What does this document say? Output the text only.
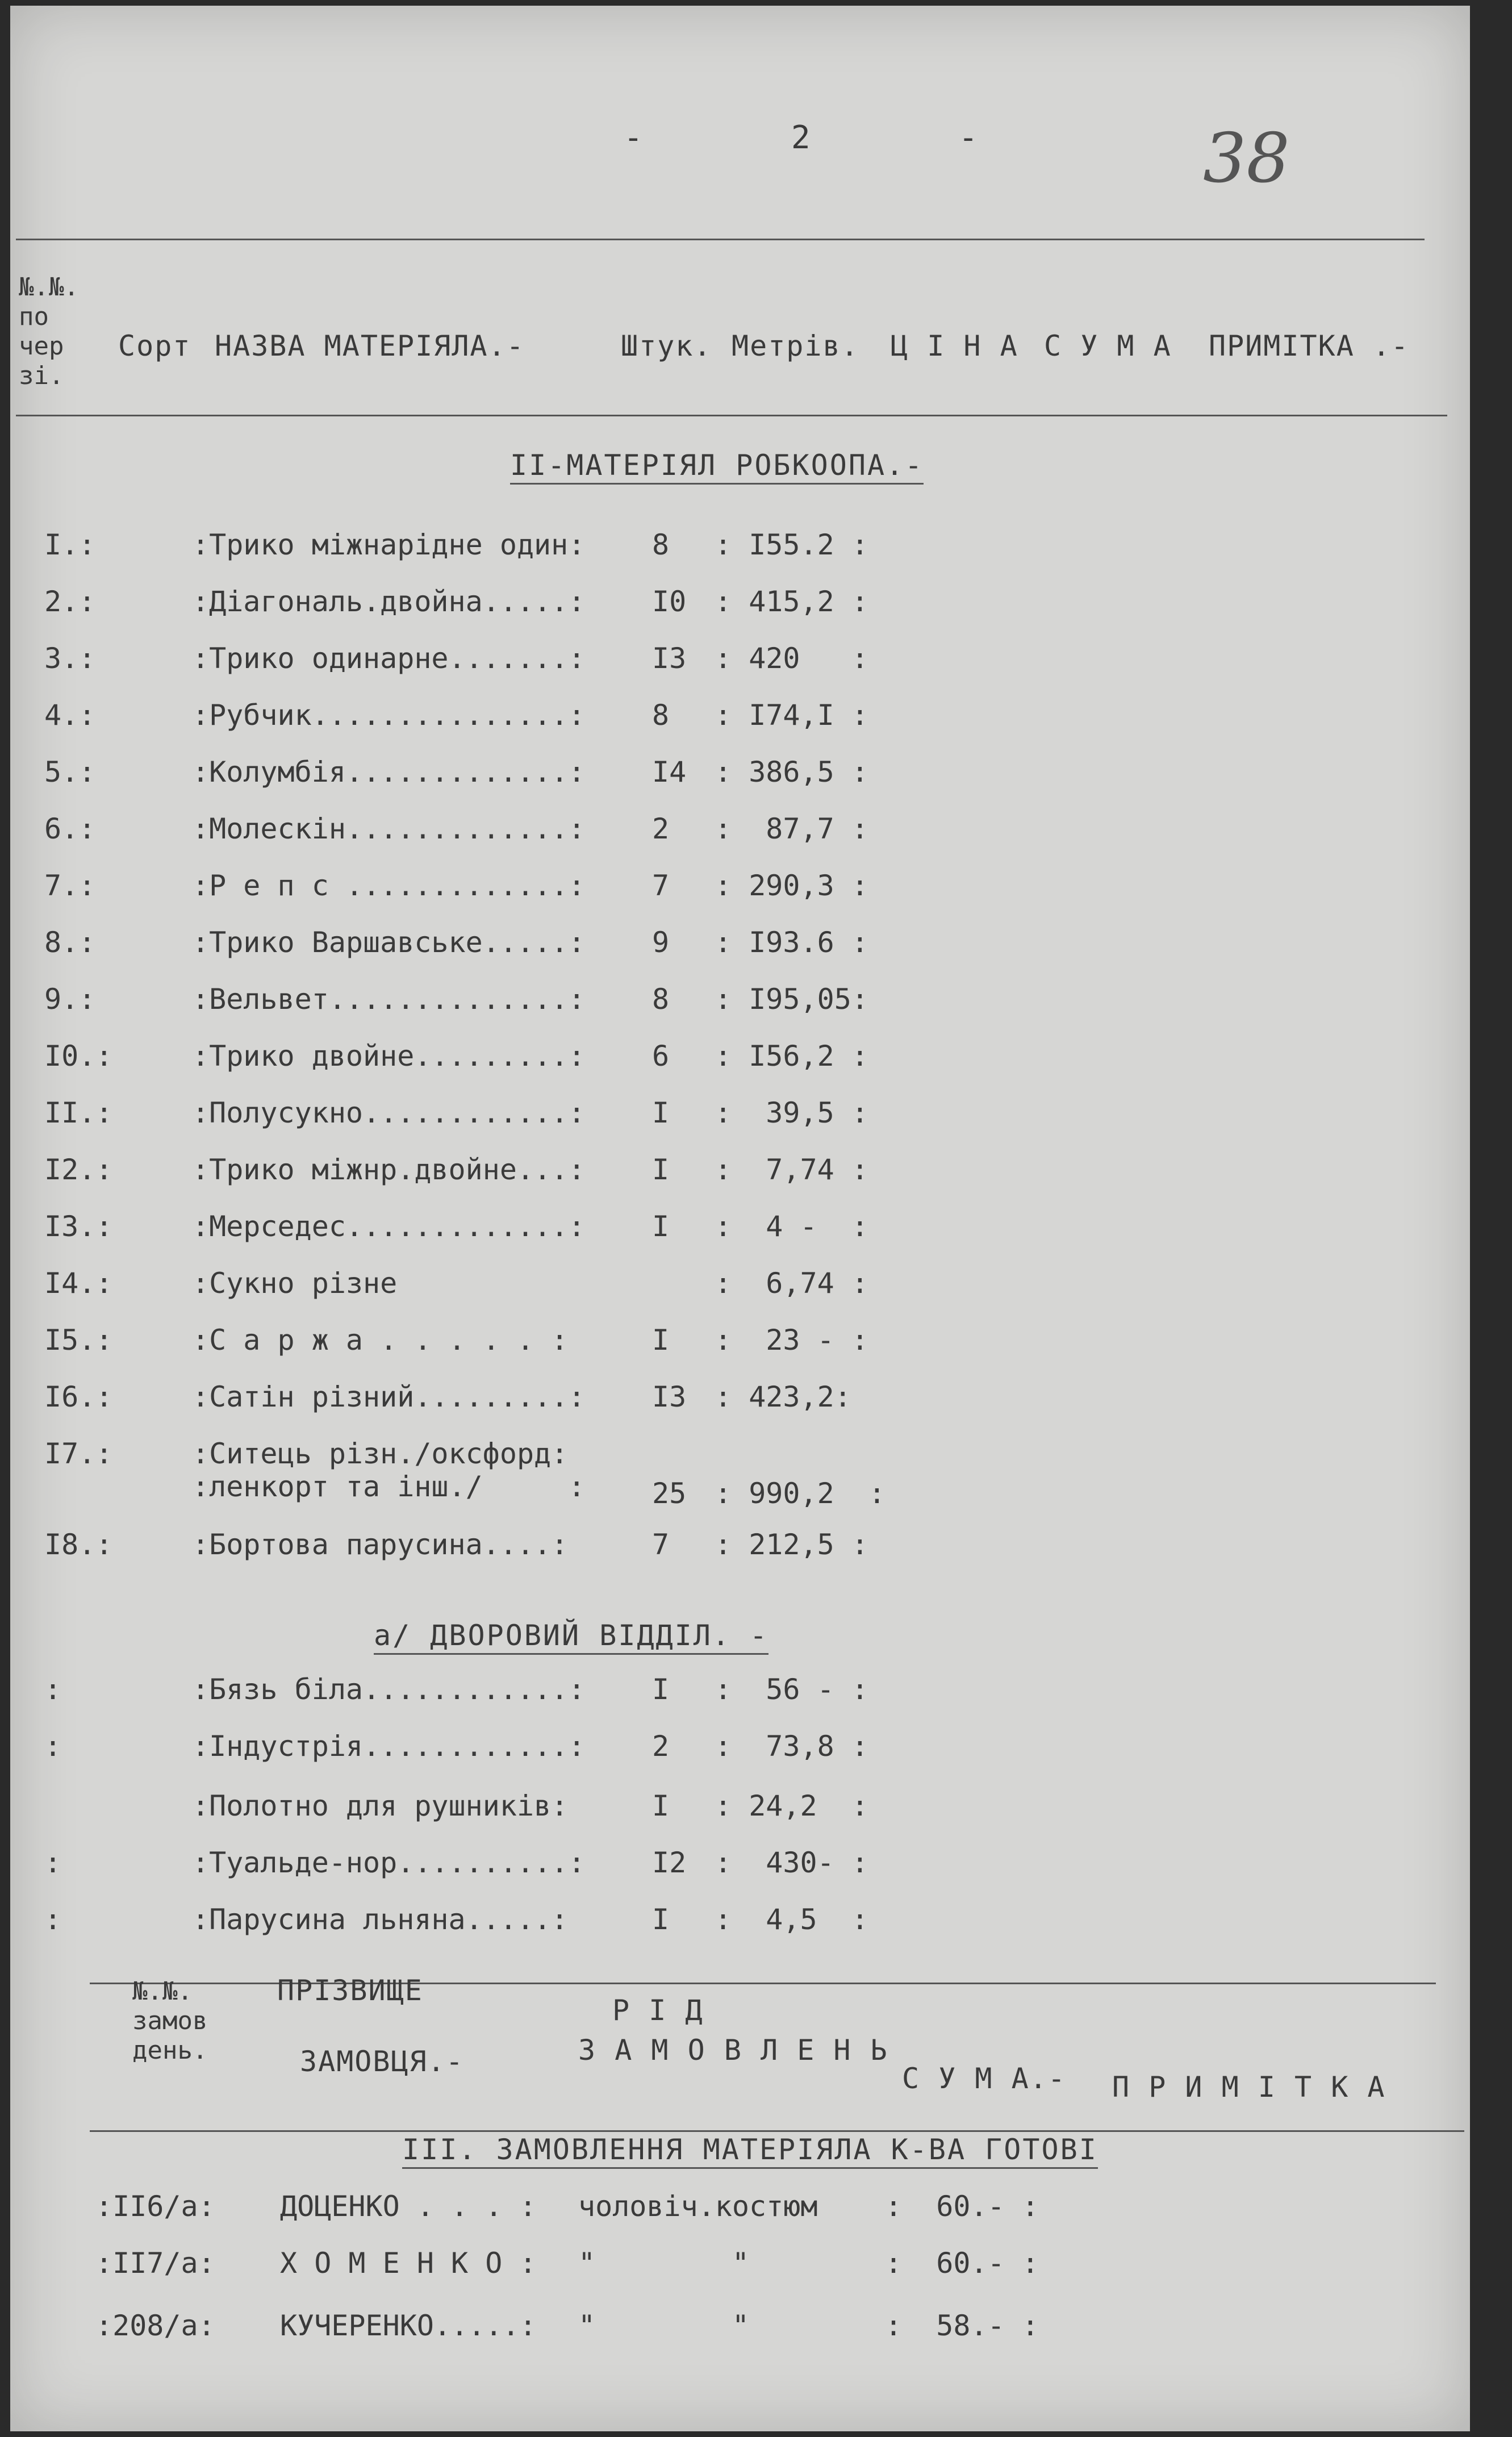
-   2   -	38
№.№.
по
чер
зі.
Сорт НАЗВА МАТЕРІЯЛА.-	Штук. Метрів. Ц І Н А С У М А ПРИМІТКА .-
II-МАТЕРІЯЛ РОБКООПА.-
I.:	:Трико міжнарідне один: 8 : I55.2 :
2.:	:Діагональ.двойна.....: I0 : 415,2 :
3.:	:Трико одинарне.......: I3 : 420   :
4.:	:Рубчик...............: 8 : I74,I :
5.:	:Колумбія.............: I4 : 386,5 :
6.:	:Молескін.............: 2 :  87,7 :
7.:	:Р е п с .............: 7 : 290,3 :
8.:	:Трико Варшавське.....: 9 : I93.6 :
9.:	:Вельвет..............: 8 : I95,05:
I0.:	:Трико двойне.........: 6 : I56,2 :
II.:	:Полусукно............: I :  39,5 :
I2.:	:Трико міжнр.двойне...: I :  7,74 :
I3.:	:Мерседес.............: I :  4 -  :
I4.:	:Сукно різне	:  6,74 :
I5.:	:С а р ж а . . . . . :	I :  23 - :
I6.:	:Сатін різний.........: I3 : 423,2:
I7.:	:Ситець різн./оксфорд:
:ленкорт та інш./     : 25 : 990,2  :
I8.:	:Бортова парусина....:	7 : 212,5 :
а/ ДВОРОВИЙ ВІДДІЛ. -
:	:Бязь біла............: I :  56 - :
:	:Індустрія............: 2 :  73,8 :
:Полотно для рушників:	I : 24,2  :
:	:Туальде-нор..........: I2 :  430- :
:	:Парусина льняна.....:	I :  4,5  :
№.№.
замов
день.
ПРІЗВИЩЕ
ЗАМОВЦЯ.-
Р І Д
З А М О В Л Е Н Ь
С У М А.- П Р И М І Т К А
III. ЗАМОВЛЕННЯ МАТЕРІЯЛА К-ВА ГОТОВІ
:II6/а: ДОЦЕНКО . . . : чоловіч.костюм :  60.- :
:II7/а: Х О М Е Н К О : "        "	:  60.- :
:208/а: КУЧЕРЕНКО.....: "        "	:  58.- :
